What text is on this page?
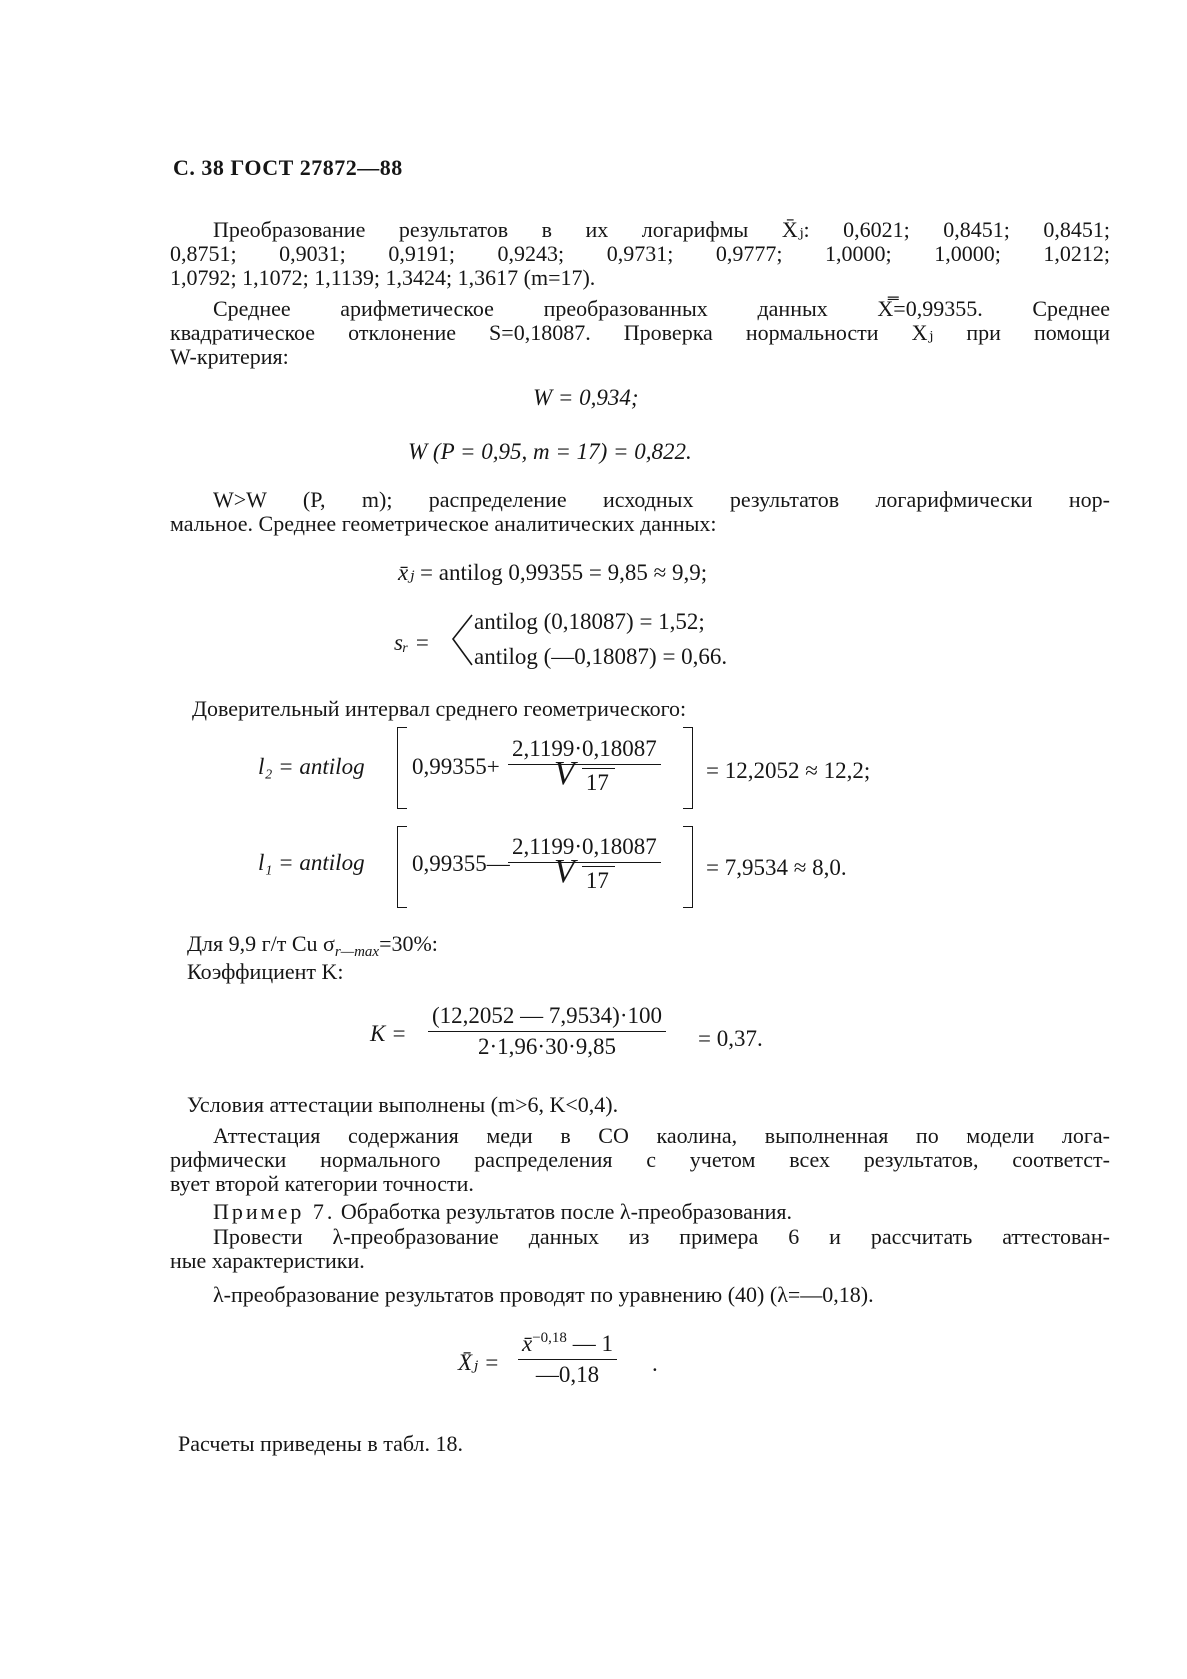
С. 38 ГОСТ 27872—88
Преобразование результатов в их логарифмы X̄ⱼ: 0,6021; 0,8451; 0,8451;
0,8751; 0,9031; 0,9191; 0,9243; 0,9731; 0,9777; 1,0000; 1,0000; 1,0212;
1,0792; 1,1072; 1,1139; 1,3424; 1,3617 (m=17).
Среднее арифметическое преобразованных данных X̿=0,99355. Среднее
квадратическое отклонение S=0,18087. Проверка нормальности Xⱼ при помощи
W-критерия:
W = 0,934;
W (P = 0,95, m = 17) = 0,822.
W>W (P, m); распределение исходных результатов логарифмически нор-
мальное. Среднее геометрическое аналитических данных:
x̄ⱼ = antilog 0,99355 = 9,85 ≈ 9,9;
sᵣ =
antilog (0,18087) = 1,52;
antilog (—0,18087) = 0,66.
Доверительный интервал среднего геометрического:
l₂ = antilog $0,99355+ \frac{2,1199\cdot 0,18087}{V 17} = 12,2052 \approx 12,2$;
l₁ = antilog 0,99355—
$\frac{2,1199\cdot 0,18087}{V 17} = 7,9534 \approx 8,0$.
Для 9,9 г/т Cu $\sigma_{r—max}=30\%$:
Коэффициент K:
$K = \frac{(12,2052 — 7,9534)\cdot 100}{2\cdot 1,96\cdot 30\cdot 9,85} = 0,37$.
Условия аттестации выполнены (m>6, K<0,4).
Аттестация содержания меди в СО каолина, выполненная по модели лога-
рифмически нормального распределения с учетом всех результатов, соответст-
вует второй категории точности.
Пример 7. Обработка результатов после λ-преобразования.
Провести λ-преобразование данных из примера 6 и рассчитать аттестован-
ные характеристики.
λ-преобразование результатов проводят по уравнению (40) (λ=—0,18).
X̄ⱼ = $\frac{x̄^{-0,18} — 1}{—0,18}$ .
Расчеты приведены в табл. 18.
